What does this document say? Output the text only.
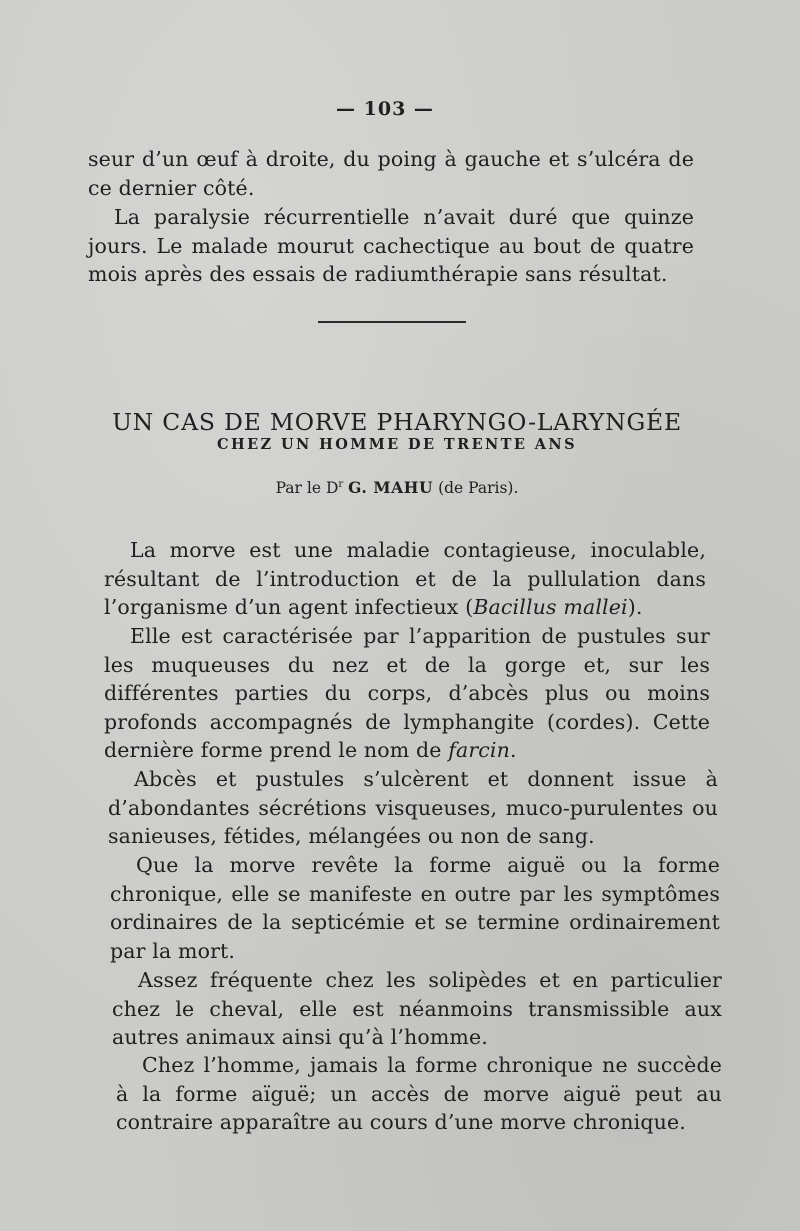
— 103 —

seur d’un œuf à droite, du poing à gauche et s’ulcéra de ce dernier côté.

La paralysie récurrentielle n’avait duré que quinze jours. Le malade mourut cachectique au bout de quatre mois après des essais de radiumthérapie sans résultat.

UN CAS DE MORVE PHARYNGO-LARYNGÉE
CHEZ UN HOMME DE TRENTE ANS
Par le $D^r$ G. MAHU (de Paris).

La morve est une maladie contagieuse, inoculable, résultant de l’introduction et de la pullulation dans l’organisme d’un agent infectieux (Bacillus mallei).

Elle est caractérisée par l’apparition de pustules sur les muqueuses du nez et de la gorge et, sur les différentes parties du corps, d’abcès plus ou moins profonds accompagnés de lymphangite (cordes). Cette dernière forme prend le nom de farcin.

Abcès et pustules s’ulcèrent et donnent issue à d’abondantes sécrétions visqueuses, muco-purulentes ou sanieuses, fétides, mélangées ou non de sang.

Que la morve revête la forme aiguë ou la forme chronique, elle se manifeste en outre par les symptômes ordinaires de la septicémie et se termine ordinairement par la mort.

Assez fréquente chez les solipèdes et en particulier chez le cheval, elle est néanmoins transmissible aux autres animaux ainsi qu’à l’homme.

Chez l’homme, jamais la forme chronique ne succède à la forme aïguë; un accès de morve aiguë peut au contraire apparaître au cours d’une morve chronique.
